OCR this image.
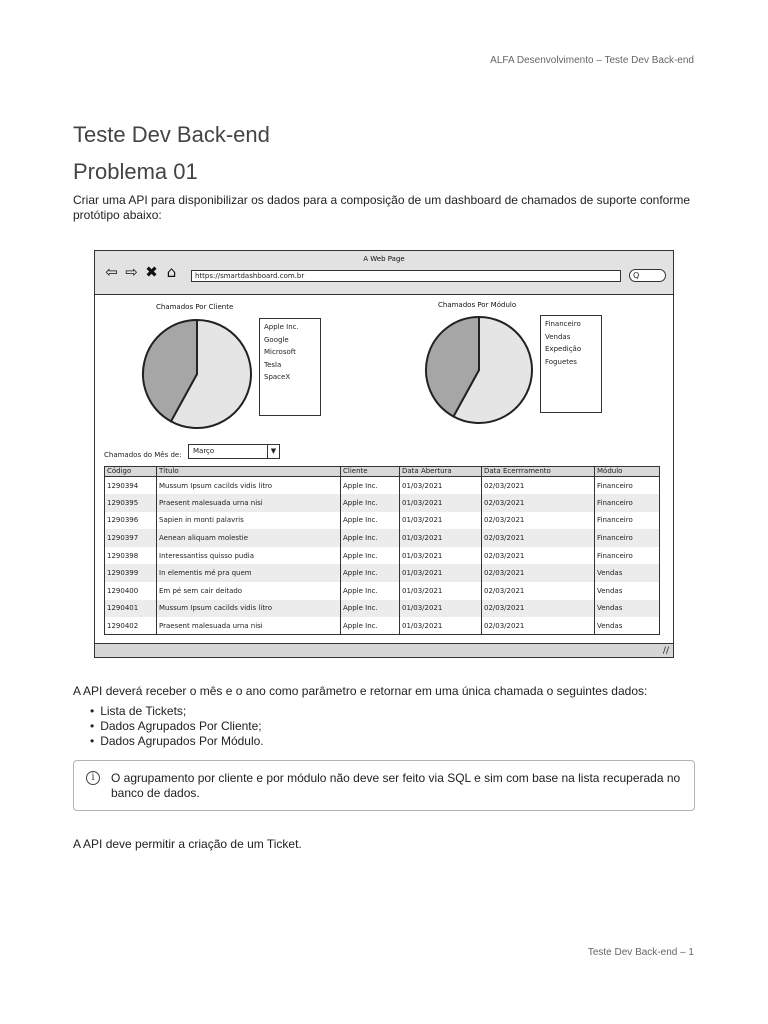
ALFA Desenvolvimento – Teste Dev Back-end
Teste Dev Back-end
Problema 01

Criar uma API para disponibilizar os dados para a composição de um dashboard de chamados de suporte conforme protótipo abaixo:

A Web Page
⇦ ⇨ ✖ ⌂	https://smartdashboard.com.br	Q
Chamados Por Cliente
Apple Inc.
Google
Microsoft
Tesla
SpaceX
Chamados Por Módulo
Financeiro
Vendas
Expedição
Foguetes
Chamados do Mês de:	Março	▼
Código	Título	Cliente	Data Abertura	Data Ecerrramento	Módulo
1290394	Mussum Ipsum cacilds vidis litro	Apple Inc.	01/03/2021	02/03/2021	Financeiro
1290395	Praesent malesuada urna nisi	Apple Inc.	01/03/2021	02/03/2021	Financeiro
1290396	Sapien in monti palavris	Apple Inc.	01/03/2021	02/03/2021	Financeiro
1290397	Aenean aliquam molestie	Apple Inc.	01/03/2021	02/03/2021	Financeiro
1290398	Interessantiss quisso pudia	Apple Inc.	01/03/2021	02/03/2021	Financeiro
1290399	In elementis mé pra quem	Apple Inc.	01/03/2021	02/03/2021	Vendas
1290400	Em pé sem cair deitado	Apple Inc.	01/03/2021	02/03/2021	Vendas
1290401	Mussum Ipsum cacilds vidis litro	Apple Inc.	01/03/2021	02/03/2021	Vendas
1290402	Praesent malesuada urna nisi	Apple Inc.	01/03/2021	02/03/2021	Vendas
//

A API deverá receber o mês e o ano como parâmetro e retornar em uma única chamada o seguintes dados:

• Lista de Tickets;
• Dados Agrupados Por Cliente;
• Dados Agrupados Por Módulo.
i	O agrupamento por cliente e por módulo não deve ser feito via SQL e sim com base na lista recuperada no banco de dados.

A API deve permitir a criação de um Ticket.

Teste Dev Back-end – 1
